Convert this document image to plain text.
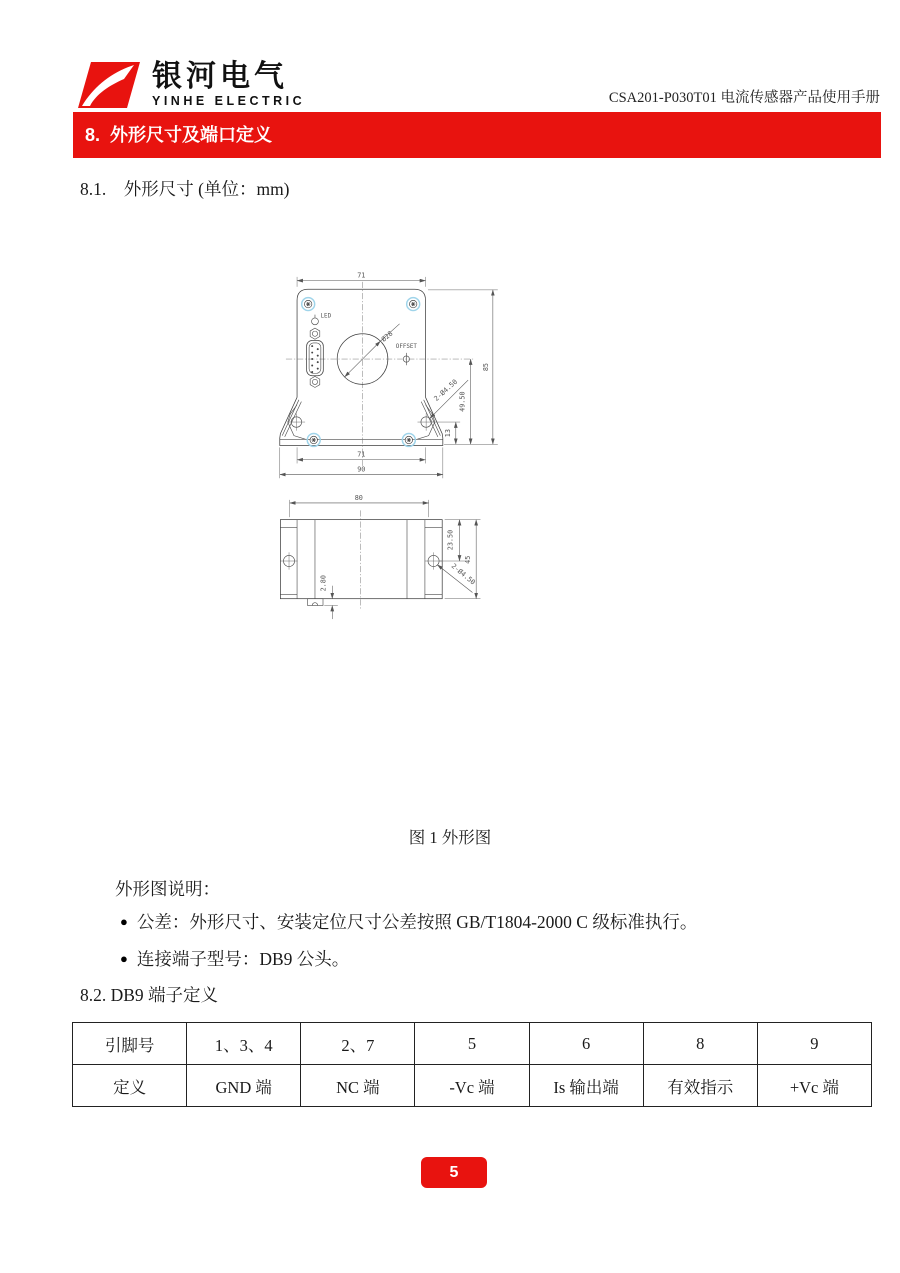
银河电气
YINHE ELECTRIC	CSA201-P030T01 电流传感器产品使用手册
8.  外形尺寸及端口定义
8.1.    外形尺寸 (单位：mm)
LED
Ø28
OFFSET
71
85
49.50
13
2-Ø4.50
71
90
80
23.50
45
2-Ø4.50
2.80
图 1 外形图
外形图说明：
● 公差：外形尺寸、安装定位尺寸公差按照 GB/T1804-2000 C 级标准执行。
● 连接端子型号：DB9 公头。
8.2. DB9 端子定义
引脚号	1、3、4	2、7	5	6	8	9
定义	GND 端	NC 端	-Vc 端	Is 输出端	有效指示	+Vc 端
5
